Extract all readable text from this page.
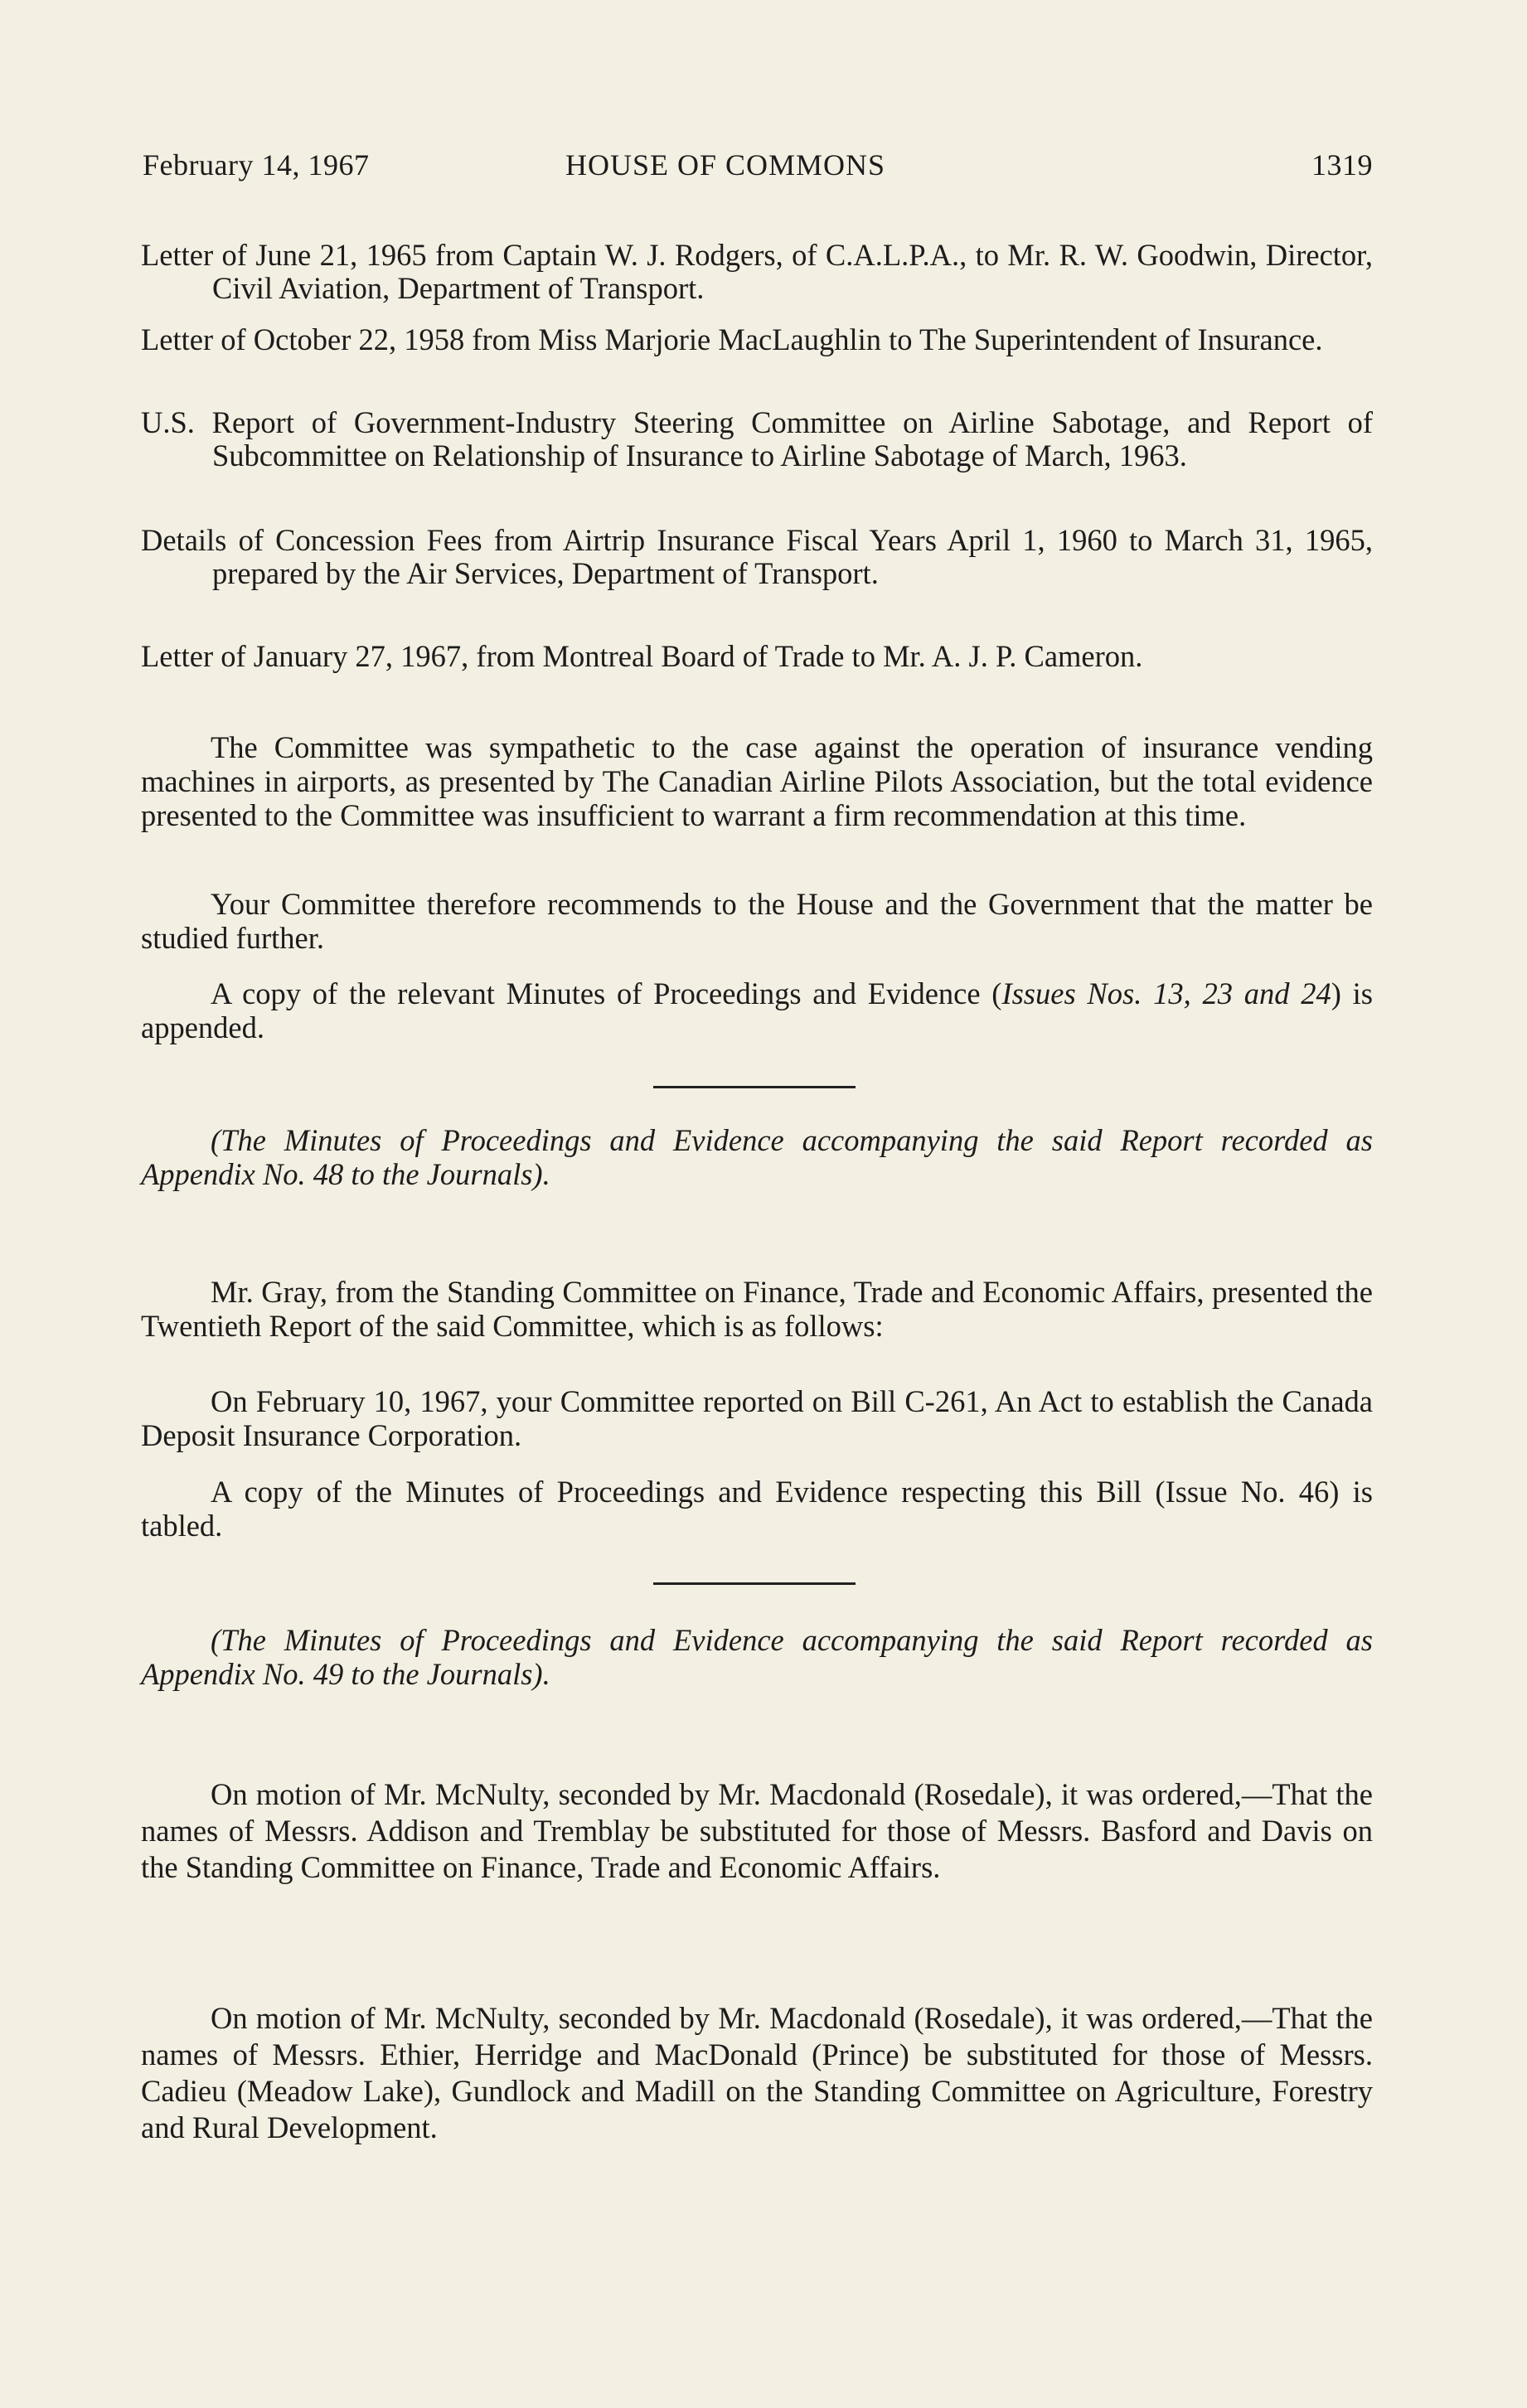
February 14, 1967	HOUSE OF COMMONS	1319
Letter of June 21, 1965 from Captain W. J. Rodgers, of C.A.L.P.A., to Mr. R. W. Goodwin, Director, Civil Aviation, Department of Transport.
Letter of October 22, 1958 from Miss Marjorie MacLaughlin to The Superintendent of Insurance.
U.S. Report of Government-Industry Steering Committee on Airline Sabotage, and Report of Subcommittee on Relationship of Insurance to Airline Sabotage of March, 1963.
Details of Concession Fees from Airtrip Insurance Fiscal Years April 1, 1960 to March 31, 1965, prepared by the Air Services, Department of Transport.
Letter of January 27, 1967, from Montreal Board of Trade to Mr. A. J. P. Cameron.
The Committee was sympathetic to the case against the operation of insurance vending machines in airports, as presented by The Canadian Airline Pilots Association, but the total evidence presented to the Committee was insufficient to warrant a firm recommendation at this time.
Your Committee therefore recommends to the House and the Government that the matter be studied further.
A copy of the relevant Minutes of Proceedings and Evidence (Issues Nos. 13, 23 and 24) is appended.
(The Minutes of Proceedings and Evidence accompanying the said Report recorded as Appendix No. 48 to the Journals).
Mr. Gray, from the Standing Committee on Finance, Trade and Economic Affairs, presented the Twentieth Report of the said Committee, which is as follows:
On February 10, 1967, your Committee reported on Bill C-261, An Act to establish the Canada Deposit Insurance Corporation.
A copy of the Minutes of Proceedings and Evidence respecting this Bill (Issue No. 46) is tabled.
(The Minutes of Proceedings and Evidence accompanying the said Report recorded as Appendix No. 49 to the Journals).
On motion of Mr. McNulty, seconded by Mr. Macdonald (Rosedale), it was ordered,—That the names of Messrs. Addison and Tremblay be substituted for those of Messrs. Basford and Davis on the Standing Committee on Finance, Trade and Economic Affairs.
On motion of Mr. McNulty, seconded by Mr. Macdonald (Rosedale), it was ordered,—That the names of Messrs. Ethier, Herridge and MacDonald (Prince) be substituted for those of Messrs. Cadieu (Meadow Lake), Gundlock and Madill on the Standing Committee on Agriculture, Forestry and Rural Development.
